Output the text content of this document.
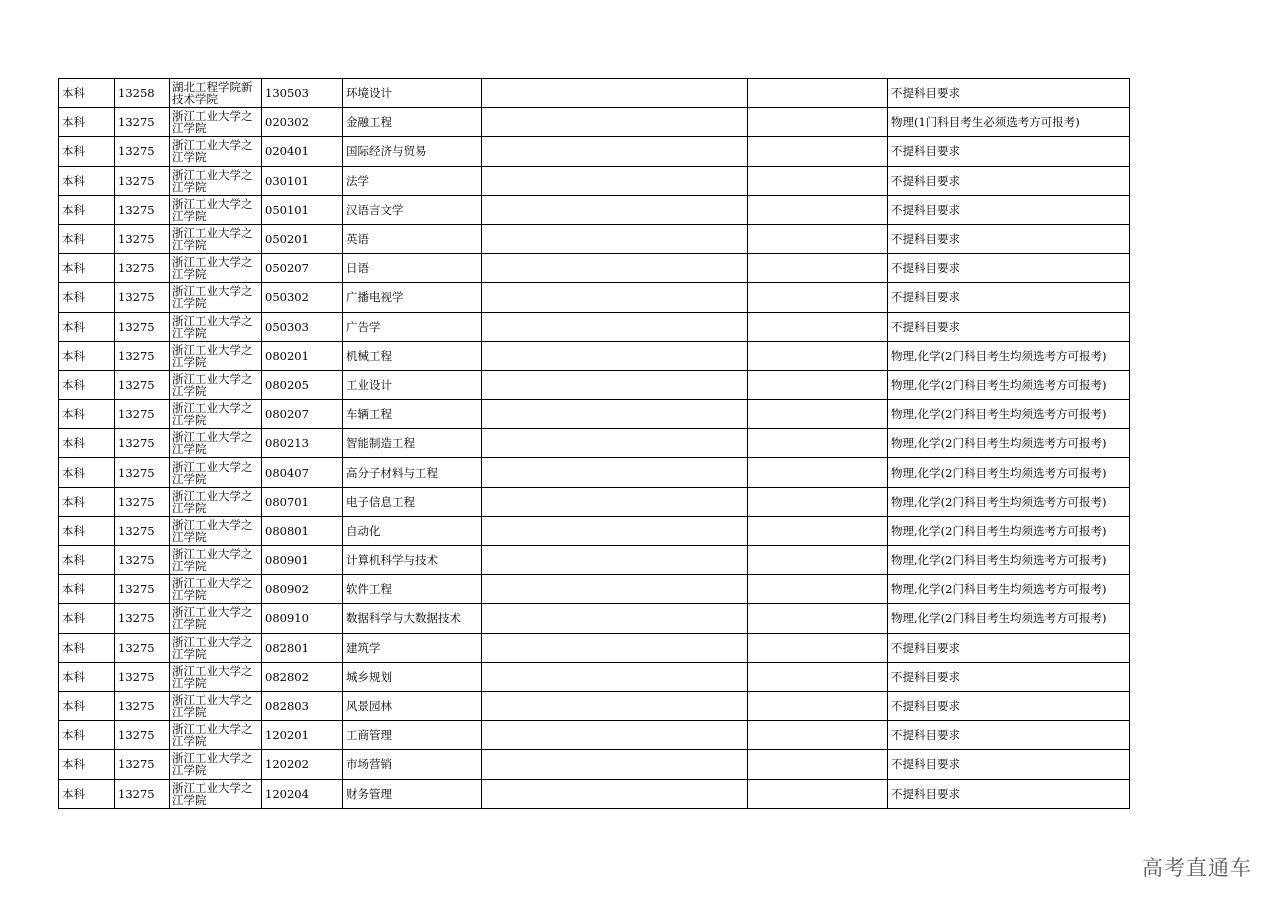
本科	13258	湖北工程学院新技术学院	130503	环境设计			不提科目要求
本科	13275	浙江工业大学之江学院	020302	金融工程			物理(1门科目考生必须选考方可报考)
本科	13275	浙江工业大学之江学院	020401	国际经济与贸易			不提科目要求
本科	13275	浙江工业大学之江学院	030101	法学			不提科目要求
本科	13275	浙江工业大学之江学院	050101	汉语言文学			不提科目要求
本科	13275	浙江工业大学之江学院	050201	英语			不提科目要求
本科	13275	浙江工业大学之江学院	050207	日语			不提科目要求
本科	13275	浙江工业大学之江学院	050302	广播电视学			不提科目要求
本科	13275	浙江工业大学之江学院	050303	广告学			不提科目要求
本科	13275	浙江工业大学之江学院	080201	机械工程			物理,化学(2门科目考生均须选考方可报考)
本科	13275	浙江工业大学之江学院	080205	工业设计			物理,化学(2门科目考生均须选考方可报考)
本科	13275	浙江工业大学之江学院	080207	车辆工程			物理,化学(2门科目考生均须选考方可报考)
本科	13275	浙江工业大学之江学院	080213	智能制造工程			物理,化学(2门科目考生均须选考方可报考)
本科	13275	浙江工业大学之江学院	080407	高分子材料与工程			物理,化学(2门科目考生均须选考方可报考)
本科	13275	浙江工业大学之江学院	080701	电子信息工程			物理,化学(2门科目考生均须选考方可报考)
本科	13275	浙江工业大学之江学院	080801	自动化			物理,化学(2门科目考生均须选考方可报考)
本科	13275	浙江工业大学之江学院	080901	计算机科学与技术			物理,化学(2门科目考生均须选考方可报考)
本科	13275	浙江工业大学之江学院	080902	软件工程			物理,化学(2门科目考生均须选考方可报考)
本科	13275	浙江工业大学之江学院	080910	数据科学与大数据技术			物理,化学(2门科目考生均须选考方可报考)
本科	13275	浙江工业大学之江学院	082801	建筑学			不提科目要求
本科	13275	浙江工业大学之江学院	082802	城乡规划			不提科目要求
本科	13275	浙江工业大学之江学院	082803	风景园林			不提科目要求
本科	13275	浙江工业大学之江学院	120201	工商管理			不提科目要求
本科	13275	浙江工业大学之江学院	120202	市场营销			不提科目要求
本科	13275	浙江工业大学之江学院	120204	财务管理			不提科目要求
高考直通车
